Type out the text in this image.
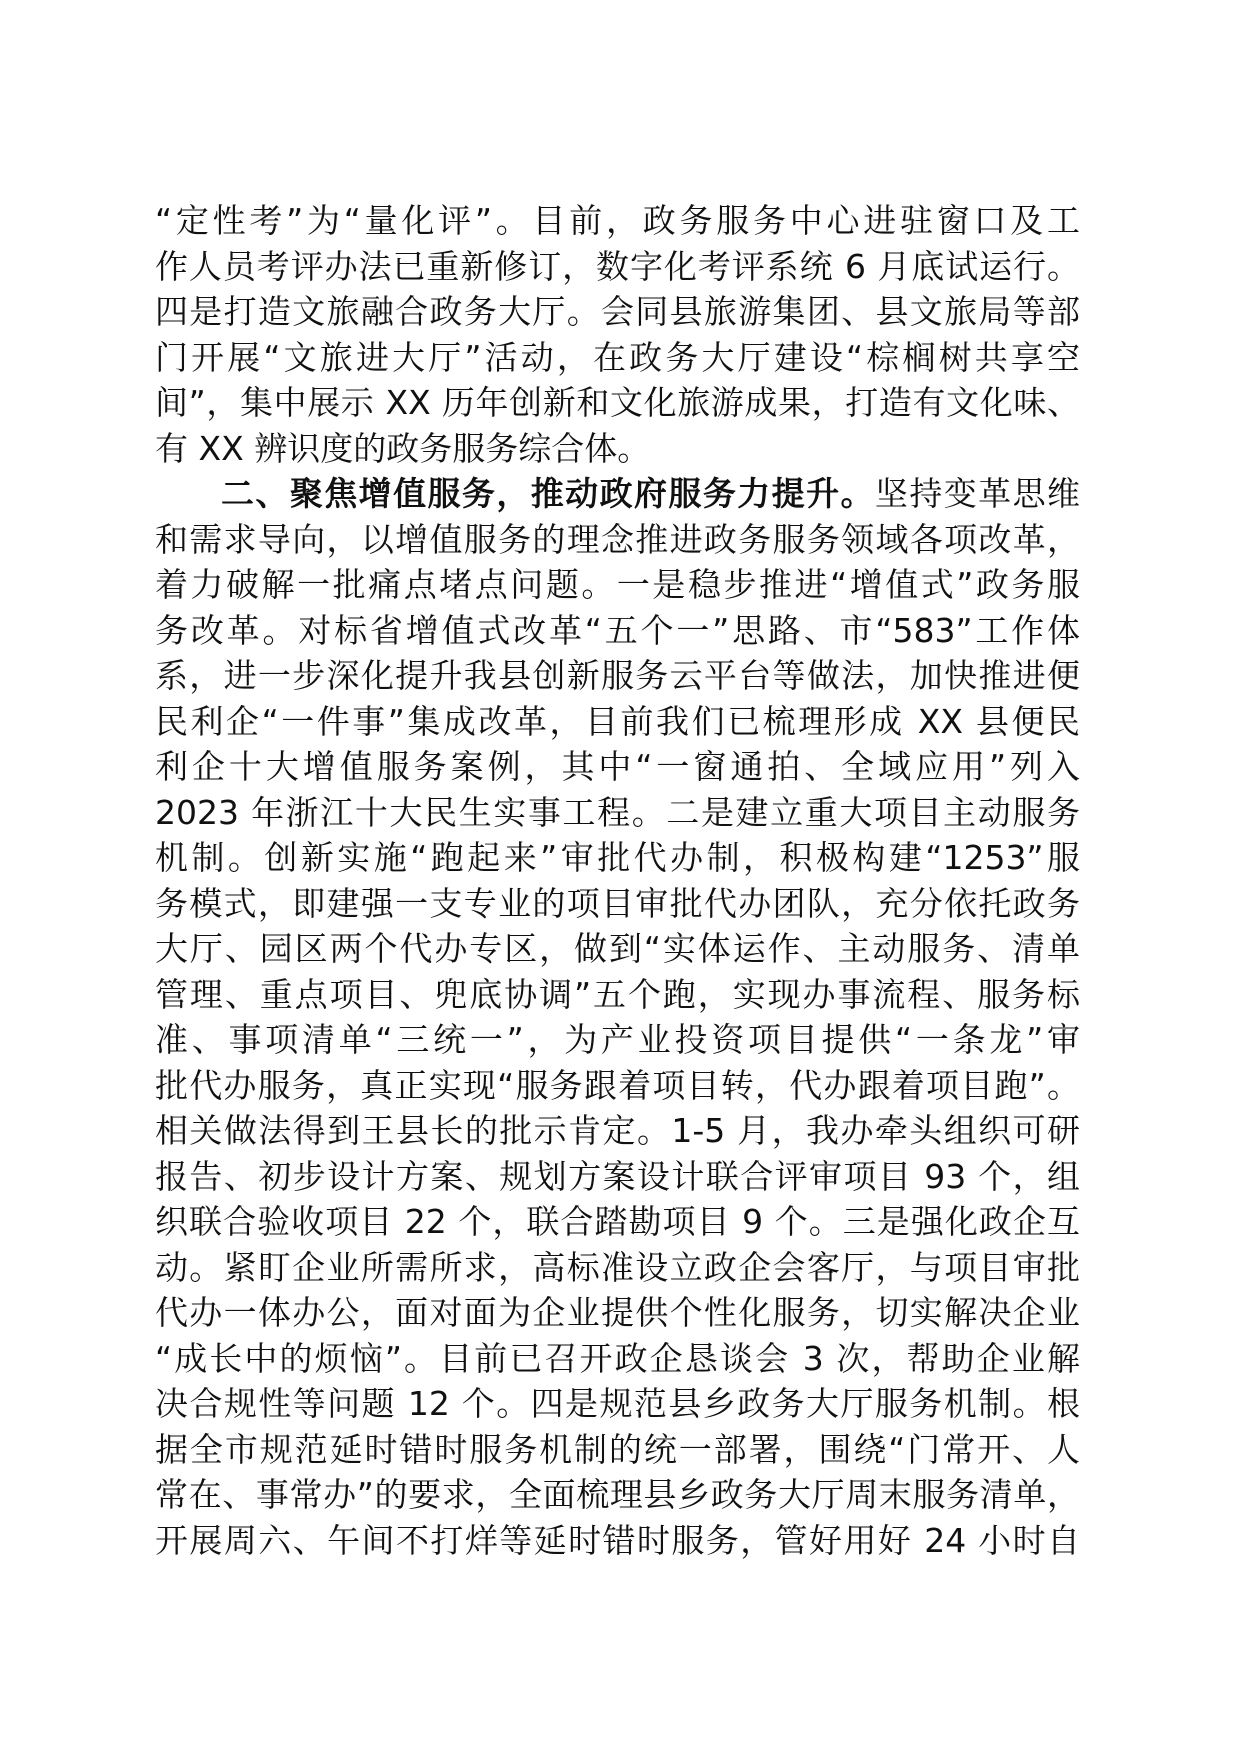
“定性考”为“量化评”。目前，政务服务中心进驻窗口及工
作人员考评办法已重新修订，数字化考评系统 6 月底试运行。
四是打造文旅融合政务大厅。会同县旅游集团、县文旅局等部
门开展“文旅进大厅”活动，在政务大厅建设“棕榈树共享空
间”，集中展示 XX 历年创新和文化旅游成果，打造有文化味、
有 XX 辨识度的政务服务综合体。
二、聚焦增值服务，推动政府服务力提升。坚持变革思维
和需求导向，以增值服务的理念推进政务服务领域各项改革，
着力破解一批痛点堵点问题。一是稳步推进“增值式”政务服
务改革。对标省增值式改革“五个一”思路、市“583”工作体
系，进一步深化提升我县创新服务云平台等做法，加快推进便
民利企“一件事”集成改革，目前我们已梳理形成 XX 县便民
利企十大增值服务案例，其中“一窗通拍、全域应用”列入
2023 年浙江十大民生实事工程。二是建立重大项目主动服务
机制。创新实施“跑起来”审批代办制，积极构建“1253”服
务模式，即建强一支专业的项目审批代办团队，充分依托政务
大厅、园区两个代办专区，做到“实体运作、主动服务、清单
管理、重点项目、兜底协调”五个跑，实现办事流程、服务标
准、事项清单“三统一”，为产业投资项目提供“一条龙”审
批代办服务，真正实现“服务跟着项目转，代办跟着项目跑”。
相关做法得到王县长的批示肯定。1-5 月，我办牵头组织可研
报告、初步设计方案、规划方案设计联合评审项目 93 个，组
织联合验收项目 22 个，联合踏勘项目 9 个。三是强化政企互
动。紧盯企业所需所求，高标准设立政企会客厅，与项目审批
代办一体办公，面对面为企业提供个性化服务，切实解决企业
“成长中的烦恼”。目前已召开政企恳谈会 3 次，帮助企业解
决合规性等问题 12 个。四是规范县乡政务大厅服务机制。根
据全市规范延时错时服务机制的统一部署，围绕“门常开、人
常在、事常办”的要求，全面梳理县乡政务大厅周末服务清单，
开展周六、午间不打烊等延时错时服务，管好用好 24 小时自
